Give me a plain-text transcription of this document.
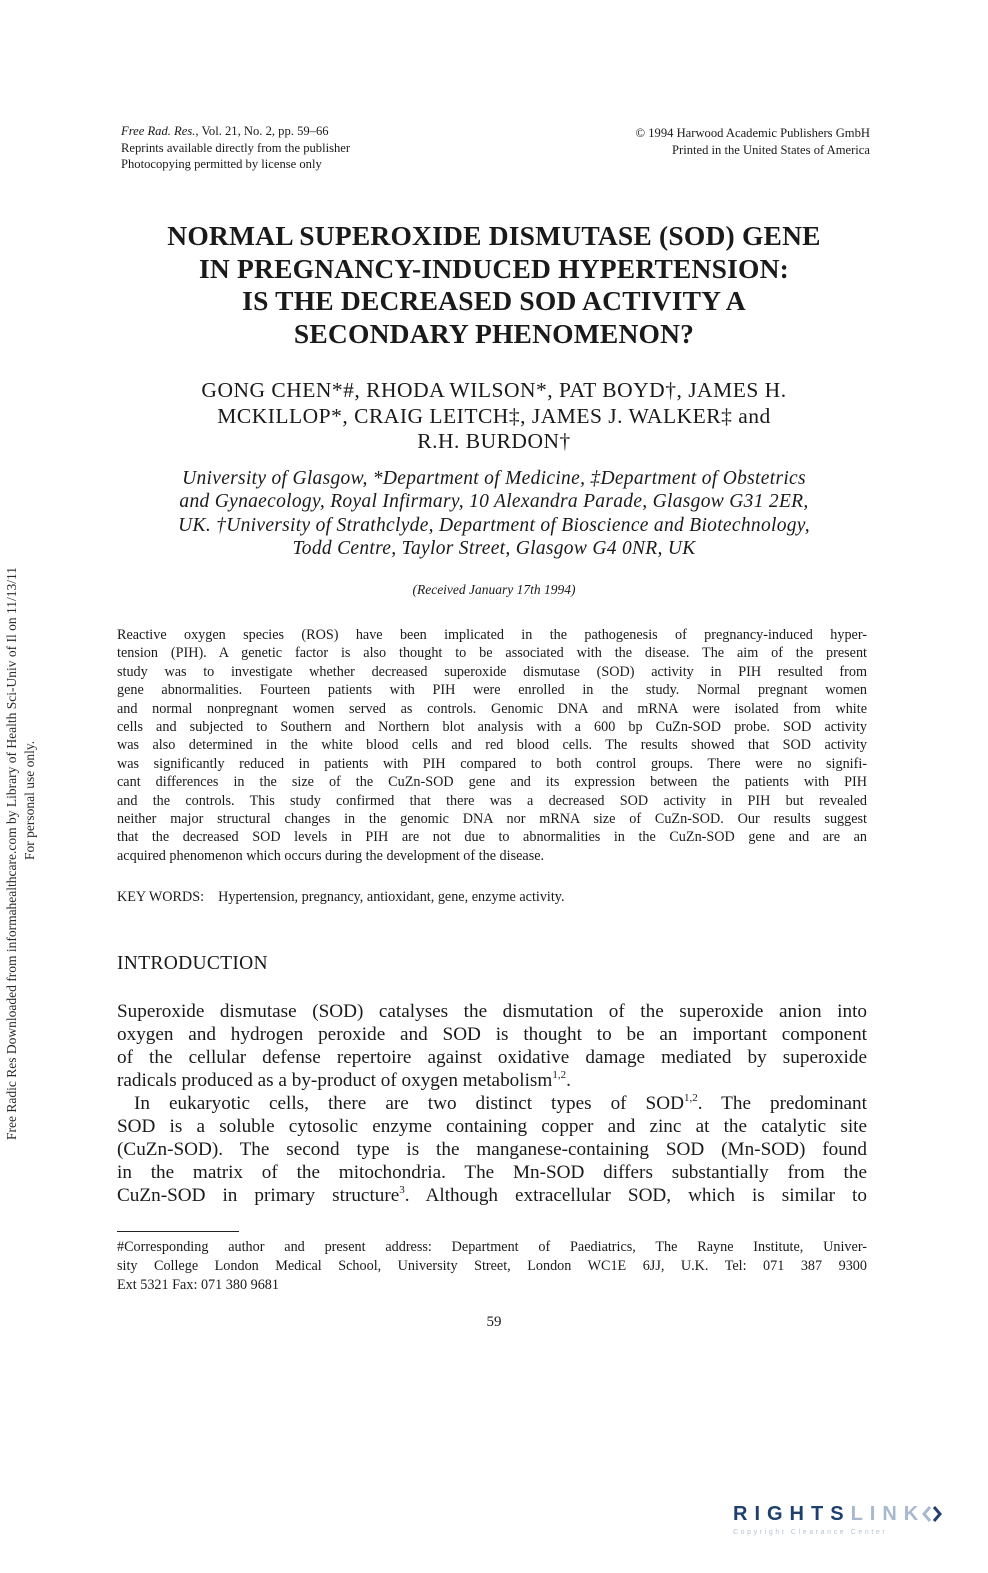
Free Radic Res Downloaded from informahealthcare.com by Library of Health Sci-Univ of Il on 11/13/11 For personal use only.
Free Rad. Res., Vol. 21, No. 2, pp. 59–66
Reprints available directly from the publisher
Photocopying permitted by license only
© 1994 Harwood Academic Publishers GmbH
Printed in the United States of America
NORMAL SUPEROXIDE DISMUTASE (SOD) GENE
IN PREGNANCY-INDUCED HYPERTENSION:
IS THE DECREASED SOD ACTIVITY A
SECONDARY PHENOMENON?
GONG CHEN*#, RHODA WILSON*, PAT BOYD†, JAMES H.
MCKILLOP*, CRAIG LEITCH‡, JAMES J. WALKER‡ and
R.H. BURDON†
University of Glasgow, *Department of Medicine, ‡Department of Obstetrics
and Gynaecology, Royal Infirmary, 10 Alexandra Parade, Glasgow G31 2ER,
UK. †University of Strathclyde, Department of Bioscience and Biotechnology,
Todd Centre, Taylor Street, Glasgow G4 0NR, UK
(Received January 17th 1994)
Reactive oxygen species (ROS) have been implicated in the pathogenesis of pregnancy-induced hyper-
tension (PIH). A genetic factor is also thought to be associated with the disease. The aim of the present
study was to investigate whether decreased superoxide dismutase (SOD) activity in PIH resulted from
gene abnormalities. Fourteen patients with PIH were enrolled in the study. Normal pregnant women
and normal nonpregnant women served as controls. Genomic DNA and mRNA were isolated from white
cells and subjected to Southern and Northern blot analysis with a 600 bp CuZn-SOD probe. SOD activity
was also determined in the white blood cells and red blood cells. The results showed that SOD activity
was significantly reduced in patients with PIH compared to both control groups. There were no signifi-
cant differences in the size of the CuZn-SOD gene and its expression between the patients with PIH
and the controls. This study confirmed that there was a decreased SOD activity in PIH but revealed
neither major structural changes in the genomic DNA nor mRNA size of CuZn-SOD. Our results suggest
that the decreased SOD levels in PIH are not due to abnormalities in the CuZn-SOD gene and are an
acquired phenomenon which occurs during the development of the disease.
KEY WORDS: Hypertension, pregnancy, antioxidant, gene, enzyme activity.
INTRODUCTION
Superoxide dismutase (SOD) catalyses the dismutation of the superoxide anion into
oxygen and hydrogen peroxide and SOD is thought to be an important component
of the cellular defense repertoire against oxidative damage mediated by superoxide
radicals produced as a by-product of oxygen metabolism$^{1,2}$.
In eukaryotic cells, there are two distinct types of SOD$^{1,2}$. The predominant
SOD is a soluble cytosolic enzyme containing copper and zinc at the catalytic site
(CuZn-SOD). The second type is the manganese-containing SOD (Mn-SOD) found
in the matrix of the mitochondria. The Mn-SOD differs substantially from the
CuZn-SOD in primary structure$^3$. Although extracellular SOD, which is similar to
#Corresponding author and present address: Department of Paediatrics, The Rayne Institute, Univer-
sity College London Medical School, University Street, London WC1E 6JJ, U.K. Tel: 071 387 9300
Ext 5321 Fax: 071 380 9681
59
RIGHTSLINK
Copyright Clearance Center
